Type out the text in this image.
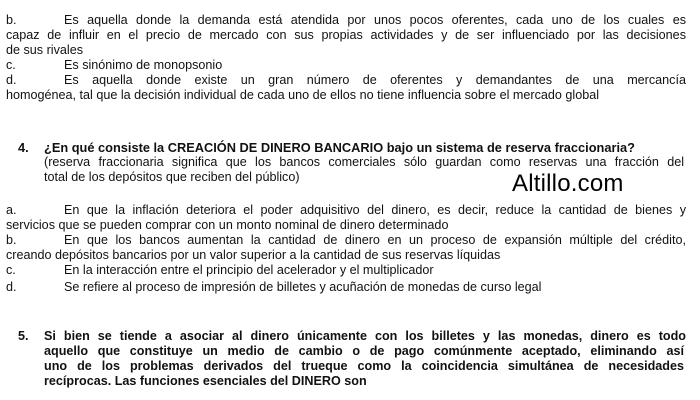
b.	Es aquella donde la demanda está atendida por unos pocos oferentes, cada uno de los cuales es
capaz de influir en el precio de mercado con sus propias actividades y de ser influenciado por las decisiones
de sus rivales
c.	Es sinónimo de monopsonio
d.	Es aquella donde existe un gran número de oferentes y demandantes de una mercancía
homogénea, tal que la decisión individual de cada uno de ellos no tiene influencia sobre el mercado global
4. ¿En qué consiste la CREACIÓN DE DINERO BANCARIO bajo un sistema de reserva fraccionaria?
(reserva fraccionaria significa que los bancos comerciales sólo guardan como reservas una fracción del
total de los depósitos que reciben del público)	Altillo.com
a.	En que la inflación deteriora el poder adquisitivo del dinero, es decir, reduce la cantidad de bienes y
servicios que se pueden comprar con un monto nominal de dinero determinado
b.	En que los bancos aumentan la cantidad de dinero en un proceso de expansión múltiple del crédito,
creando depósitos bancarios por un valor superior a la cantidad de sus reservas líquidas
c.	En la interacción entre el principio del acelerador y el multiplicador
d.	Se refiere al proceso de impresión de billetes y acuñación de monedas de curso legal
5. Si bien se tiende a asociar al dinero únicamente con los billetes y las monedas, dinero es todo
aquello que constituye un medio de cambio o de pago comúnmente aceptado, eliminando así
uno de los problemas derivados del trueque como la coincidencia simultánea de necesidades
recíprocas. Las funciones esenciales del DINERO son
